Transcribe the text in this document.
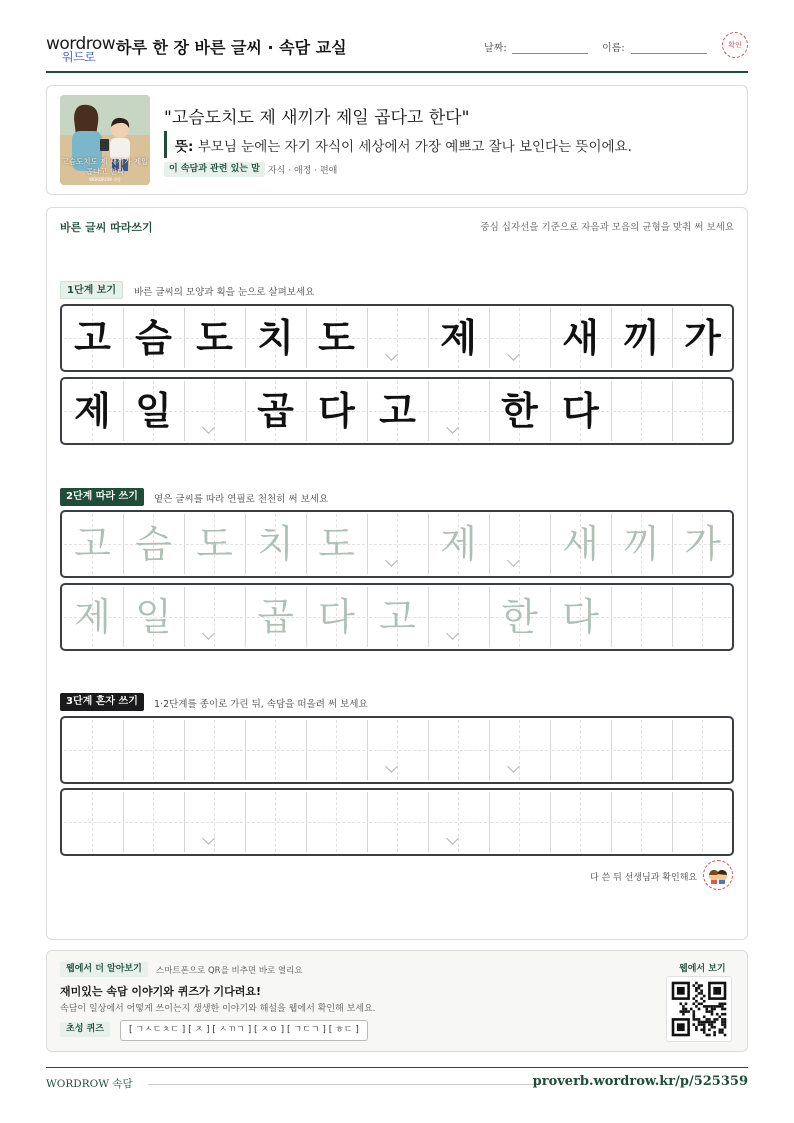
wordrow
워드로 하루 한 장 바른 글씨 · 속담 교실	날짜:	이름:	확인
고슴도치도 제 새끼가 제일 곱다고 한다
WORDROW 속담
"고슴도치도 제 새끼가 제일 곱다고 한다"
뜻: 부모님 눈에는 자기 자식이 세상에서 가장 예쁘고 잘나 보인다는 뜻이에요.
이 속담과 관련 있는 말 자식 · 애정 · 편애
바른 글씨 따라쓰기	중심 십자선을 기준으로 자음과 모음의 균형을 맞춰 써 보세요
1단계 보기	바른 글씨의 모양과 획을 눈으로 살펴보세요
고 슴 도 치 도	제	새 끼 가
제 일	곱 다 고	한 다
2단계 따라 쓰기	옅은 글씨를 따라 연필로 천천히 써 보세요
고 슴 도 치 도	제	새 끼 가
제 일	곱 다 고	한 다
3단계 혼자 쓰기	1·2단계를 종이로 가린 뒤, 속담을 떠올려 써 보세요
다 쓴 뒤 선생님과 확인해요
웹에서 더 알아보기	스마트폰으로 QR을 비추면 바로 열리요
재미있는 속담 이야기와 퀴즈가 기다려요!
속담이 일상에서 어떻게 쓰이는지 생생한 이야기와 해설을 웹에서 확인해 보세요.
초성 퀴즈	[ ㄱㅅㄷㅊㄷ ] [ ㅈ ] [ ㅅㄲㄱ ] [ ㅈㅇ ] [ ㄱㄷㄱ ] [ ㅎㄷ ]
웹에서 보기
WORDROW 속담	proverb.wordrow.kr/p/525359
